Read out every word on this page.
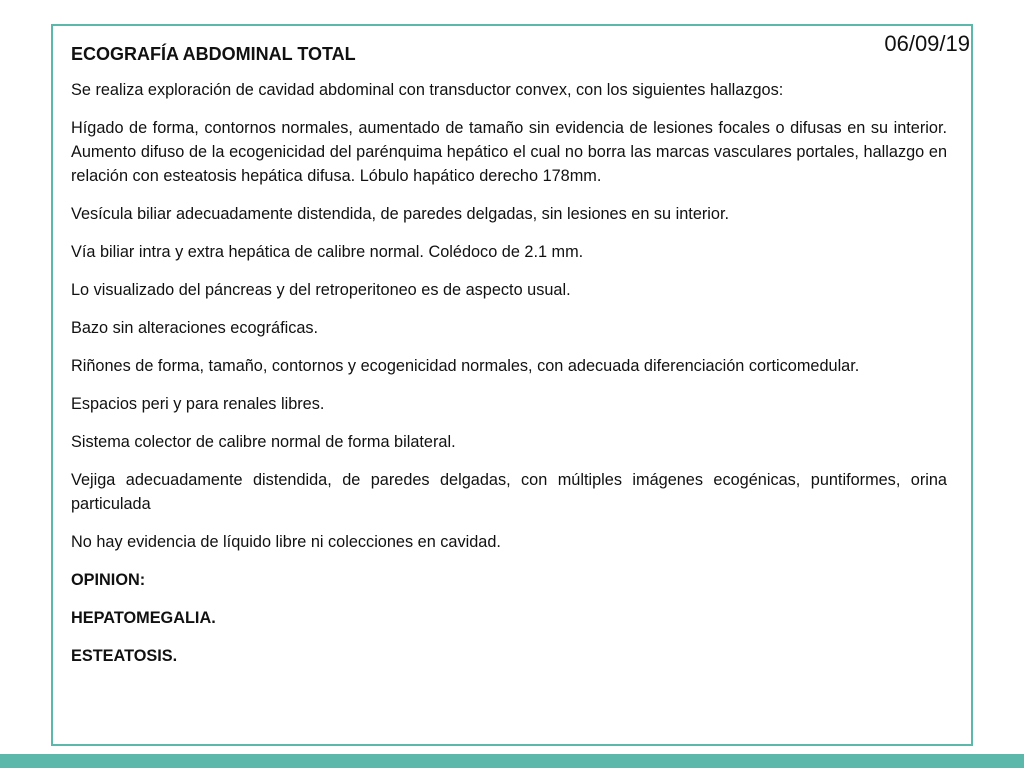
06/09/19
ECOGRAFÍA ABDOMINAL TOTAL

Se realiza exploración de cavidad abdominal con transductor convex, con los siguientes hallazgos:

Hígado de forma, contornos normales, aumentado de tamaño sin evidencia de lesiones focales o difusas en su interior. Aumento difuso de la ecogenicidad del parénquima hepático el cual no borra las marcas vasculares portales, hallazgo en relación con esteatosis hepática difusa. Lóbulo hapático derecho 178mm.

Vesícula biliar adecuadamente distendida, de paredes delgadas, sin lesiones en su interior.

Vía biliar intra y extra hepática de calibre normal. Colédoco de 2.1 mm.

Lo visualizado del páncreas y del retroperitoneo es de aspecto usual.

Bazo sin alteraciones ecográficas.

Riñones de forma, tamaño, contornos y ecogenicidad normales, con adecuada diferenciación corticomedular.

Espacios peri y para renales libres.

Sistema colector de calibre normal de forma bilateral.

Vejiga adecuadamente distendida, de paredes delgadas, con múltiples imágenes ecogénicas, puntiformes, orina particulada

No hay evidencia de líquido libre ni colecciones en cavidad.

OPINION:

HEPATOMEGALIA.

ESTEATOSIS.
